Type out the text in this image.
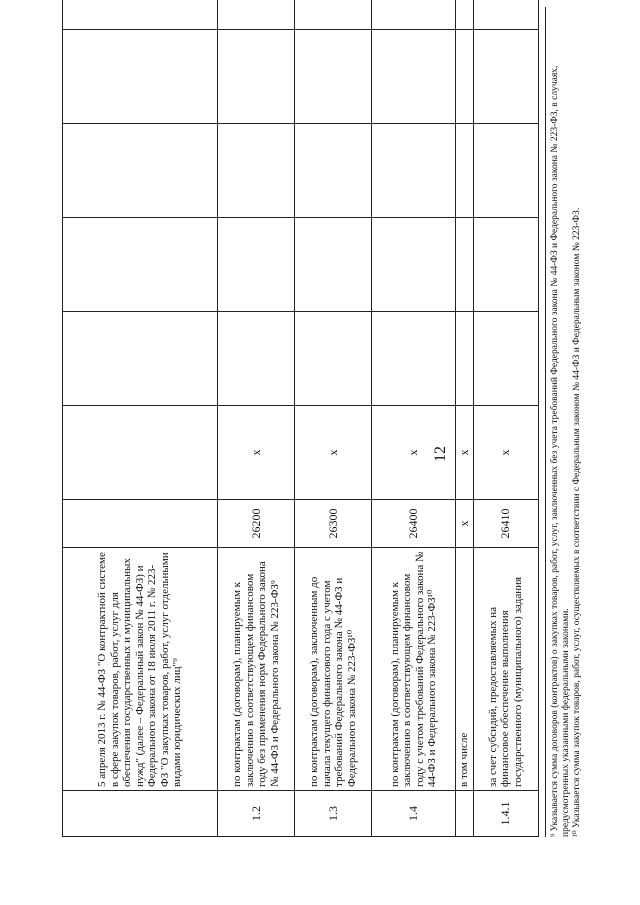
12
	5 апреля 2013 г. № 44-ФЗ "О контрактной системе в сфере закупок товаров, работ, услуг для обеспечения государственных и муниципальных нужд" (далее – Федеральный закон № 44-ФЗ) и Федерального закона от 18 июля 2011 г. № 223-ФЗ "О закупках товаров, работ, услуг отдельными видами юридических лиц"⁹							
1.2	по контрактам (договорам), планируемым к заключению в соответствующем финансовом году без применения норм Федерального закона № 44-ФЗ и Федерального закона № 223-ФЗ⁹	26200	x					
1.3	по контрактам (договорам), заключенным до начала текущего финансового года с учетом требований Федерального закона № 44-ФЗ и Федерального закона № 223-ФЗ¹⁰	26300	x					
1.4	по контрактам (договорам), планируемым к заключению в соответствующем финансовом году с учетом требований Федерального закона № 44-ФЗ и Федерального закона № 223-ФЗ¹⁰	26400	x					
	в том числе	x	x					
1.4.1	за счет субсидий, предоставляемых на финансовое обеспечение выполнения государственного (муниципального) задания	26410	x						⁹ Указывается сумма договоров (контрактов) о закупках товаров, работ, услуг, заключенных без учета требований Федерального закона № 44-ФЗ и Федерального закона № 223-ФЗ, в случаях, предусмотренных указанными федеральными законами. ¹⁰ Указывается сумма закупок товаров, работ, услуг, осуществляемых в соответствии с Федеральным законом № 44-ФЗ и Федеральным законом № 223-ФЗ.
